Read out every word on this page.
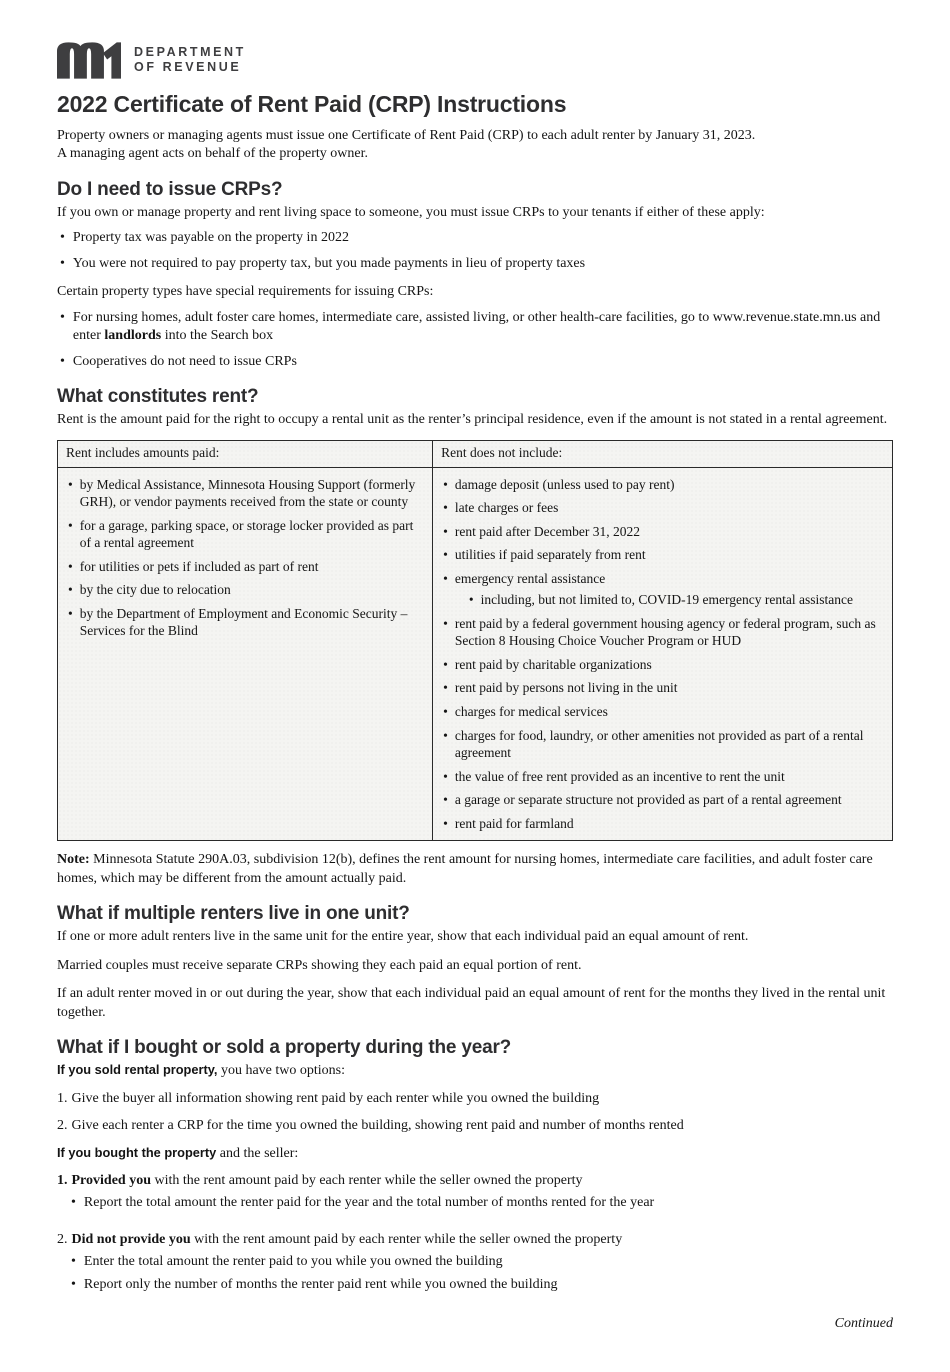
DEPARTMENT
OF REVENUE
2022 Certificate of Rent Paid (CRP) Instructions

Property owners or managing agents must issue one Certificate of Rent Paid (CRP) to each adult renter by January 31, 2023.
A managing agent acts on behalf of the property owner.

Do I need to issue CRPs?

If you own or manage property and rent living space to someone, you must issue CRPs to your tenants if either of these apply:

• Property tax was payable on the property in 2022
• You were not required to pay property tax, but you made payments in lieu of property taxes

Certain property types have special requirements for issuing CRPs:

• For nursing homes, adult foster care homes, intermediate care, assisted living, or other health-care facilities, go to www.revenue.state.mn.us and enter landlords into the Search box
• Cooperatives do not need to issue CRPs
What constitutes rent?

Rent is the amount paid for the right to occupy a rental unit as the renter’s principal residence, even if the amount is not stated in a rental agreement.

Rent includes amounts paid:	Rent does not include:
• by Medical Assistance, Minnesota Housing Support (formerly GRH), or vendor payments received from the state or county
• for a garage, parking space, or storage locker provided as part of a rental agreement
• for utilities or pets if included as part of rent
• by the city due to relocation
• by the Department of Employment and Economic Security – Services for the Blind
• damage deposit (unless used to pay rent)
• late charges or fees
• rent paid after December 31, 2022
• utilities if paid separately from rent
• emergency rental assistance
• including, but not limited to, COVID-19 emergency rental assistance
• rent paid by a federal government housing agency or federal program, such as Section 8 Housing Choice Voucher Program or HUD
• rent paid by charitable organizations
• rent paid by persons not living in the unit
• charges for medical services
• charges for food, laundry, or other amenities not provided as part of a rental agreement
• the value of free rent provided as an incentive to rent the unit
• a garage or separate structure not provided as part of a rental agreement
• rent paid for farmland

Note: Minnesota Statute 290A.03, subdivision 12(b), defines the rent amount for nursing homes, intermediate care facilities, and adult foster care homes, which may be different from the amount actually paid.

What if multiple renters live in one unit?

If one or more adult renters live in the same unit for the entire year, show that each individual paid an equal amount of rent.

Married couples must receive separate CRPs showing they each paid an equal portion of rent.

If an adult renter moved in or out during the year, show that each individual paid an equal amount of rent for the months they lived in the rental unit together.

What if I bought or sold a property during the year?

If you sold rental property, you have two options:

1. Give the buyer all information showing rent paid by each renter while you owned the building

2. Give each renter a CRP for the time you owned the building, showing rent paid and number of months rented

If you bought the property and the seller:

1. Provided you with the rent amount paid by each renter while the seller owned the property

• Report the total amount the renter paid for the year and the total number of months rented for the year

2. Did not provide you with the rent amount paid by each renter while the seller owned the property

• Enter the total amount the renter paid to you while you owned the building
• Report only the number of months the renter paid rent while you owned the building
Continued
